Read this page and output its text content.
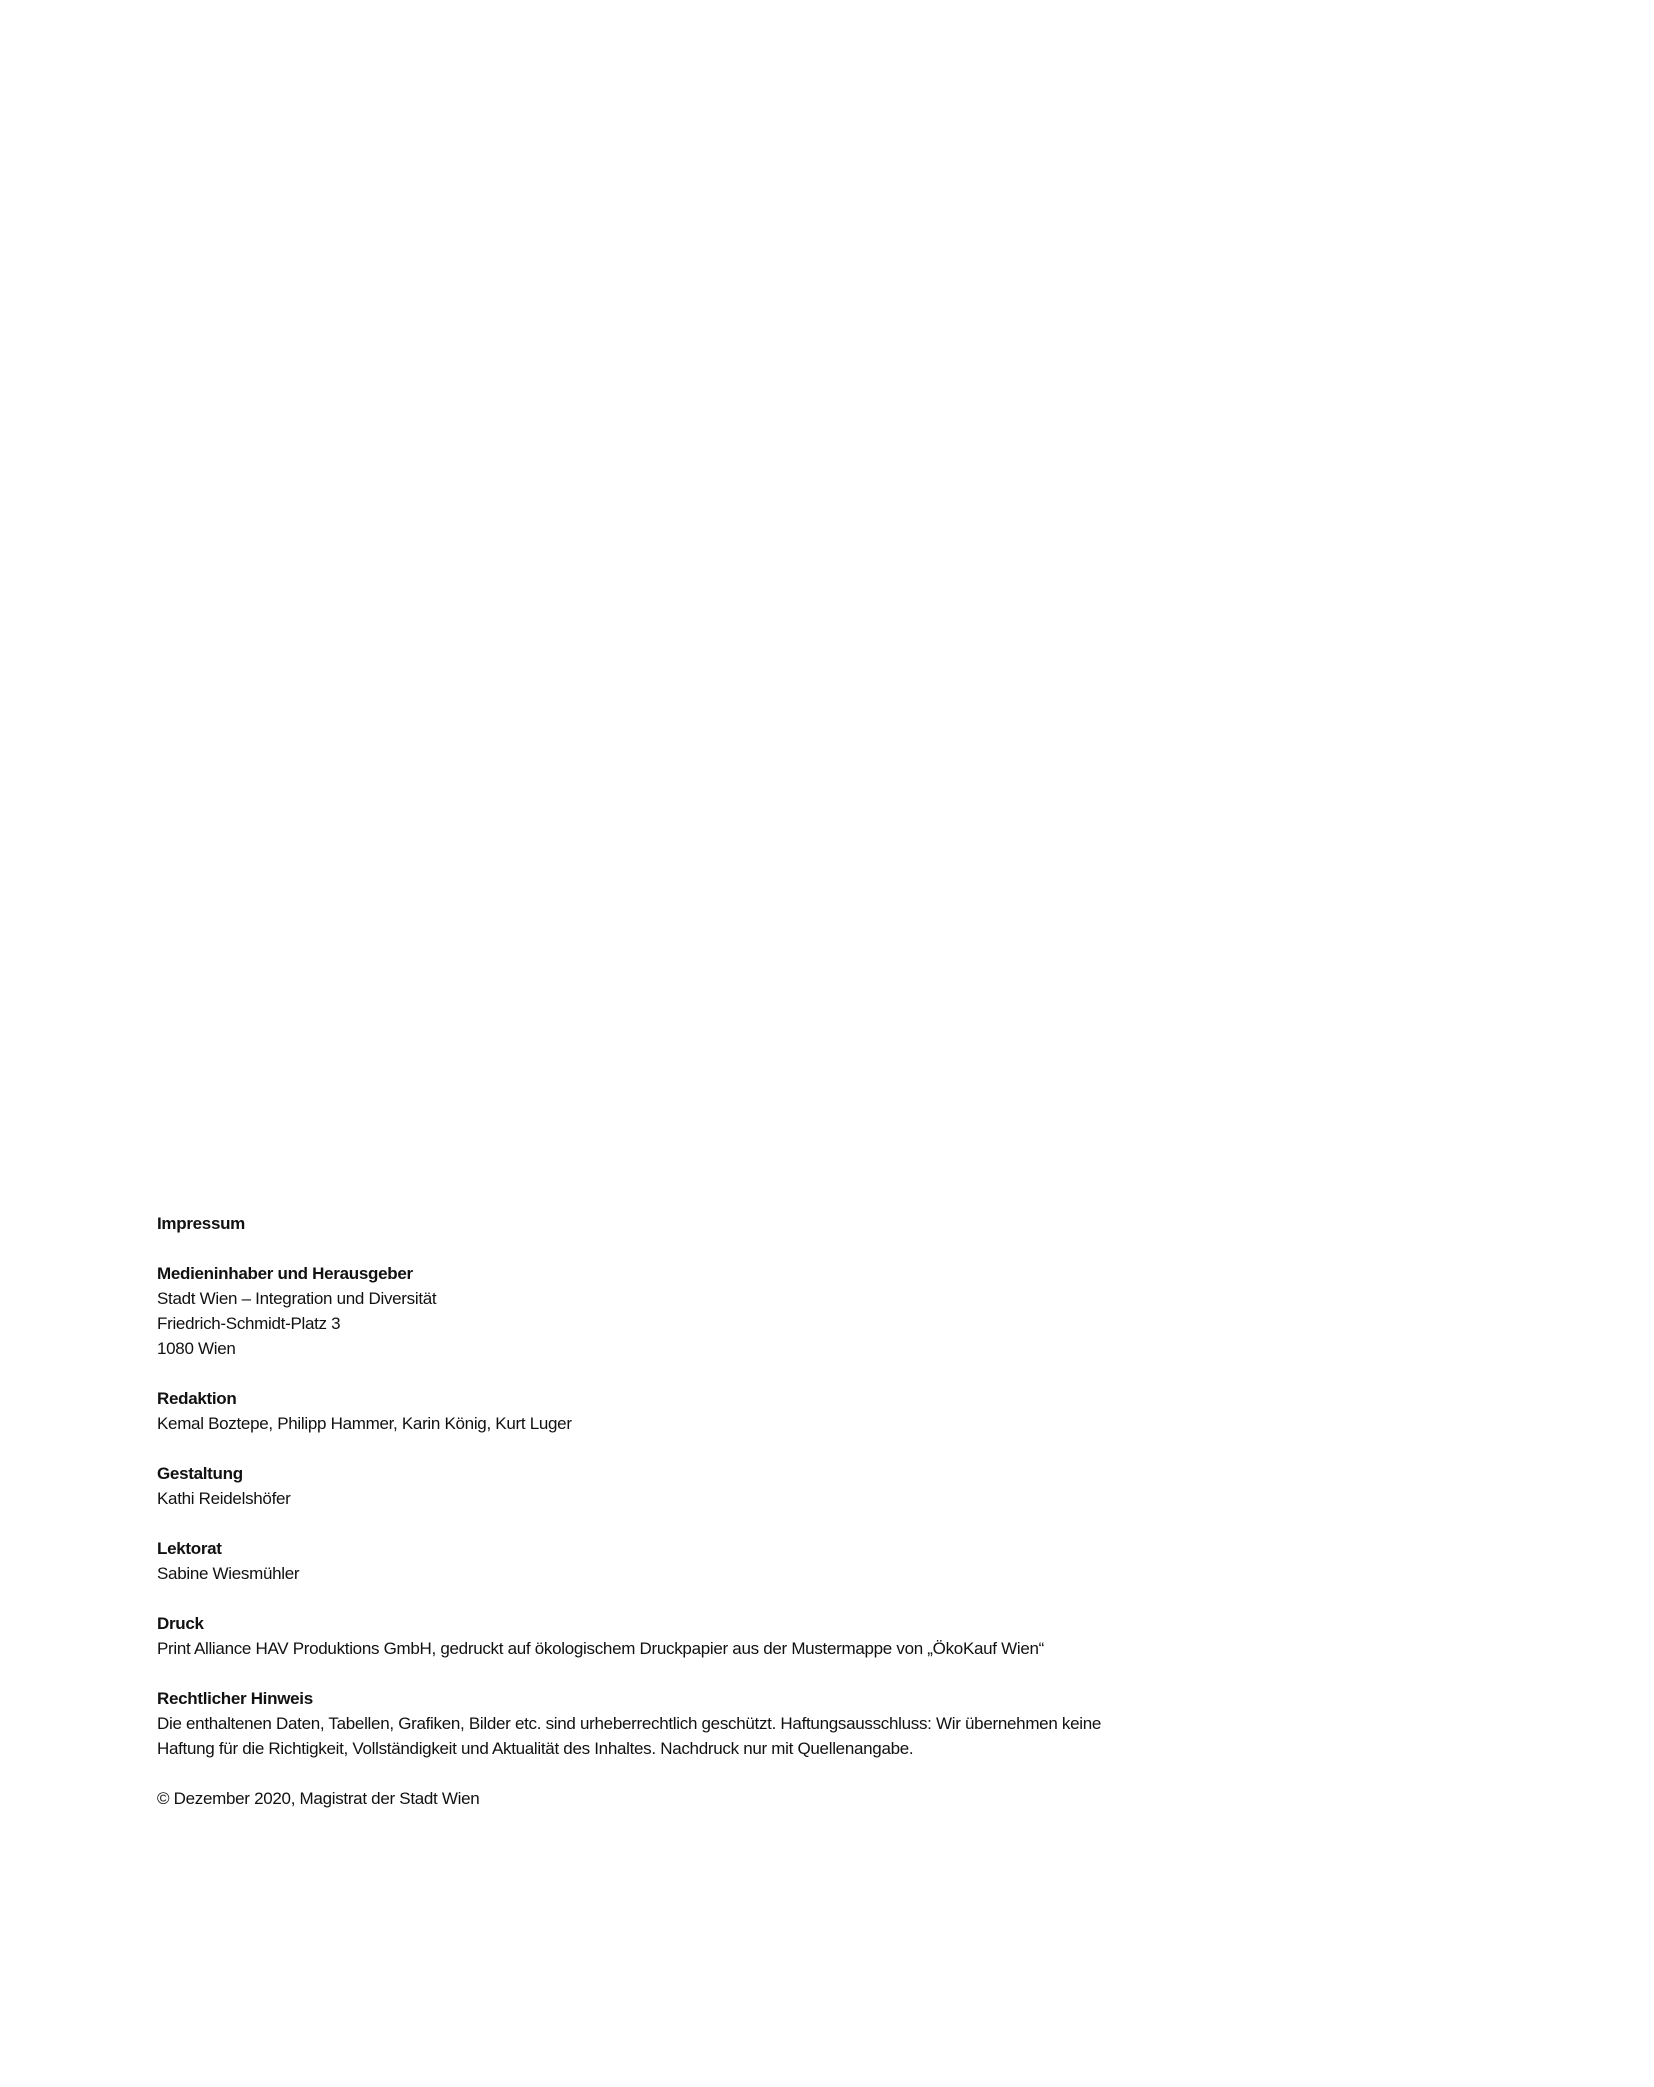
Impressum

Medieninhaber und Herausgeber

Stadt Wien – Integration und Diversität

Friedrich-Schmidt-Platz 3

1080 Wien

Redaktion

Kemal Boztepe, Philipp Hammer, Karin König, Kurt Luger

Gestaltung

Kathi Reidelshöfer

Lektorat

Sabine Wiesmühler

Druck

Print Alliance HAV Produktions GmbH, gedruckt auf ökologischem Druckpapier aus der Mustermappe von „ÖkoKauf Wien“

Rechtlicher Hinweis

Die enthaltenen Daten, Tabellen, Grafiken, Bilder etc. sind urheberrechtlich geschützt. Haftungsausschluss: Wir übernehmen keine

Haftung für die Richtigkeit, Vollständigkeit und Aktualität des Inhaltes. Nachdruck nur mit Quellenangabe.

© Dezember 2020, Magistrat der Stadt Wien
